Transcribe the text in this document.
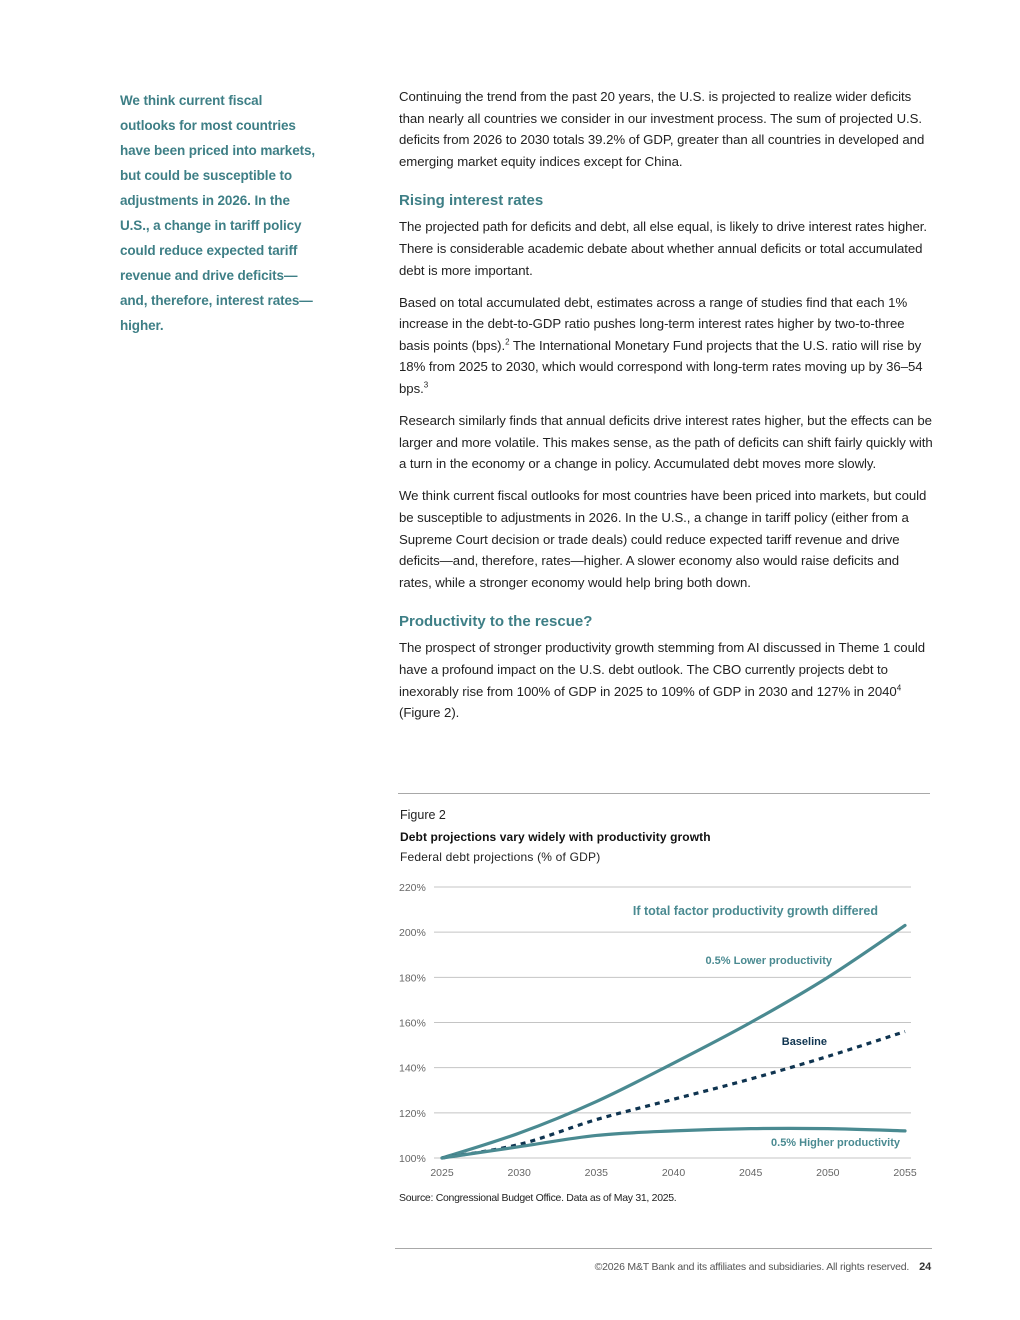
We think current fiscal outlooks for most countries have been priced into markets, but could be susceptible to adjustments in 2026. In the U.S., a change in tariff policy could reduce expected tariff revenue and drive deficits—and, therefore, interest rates—higher.

Continuing the trend from the past 20 years, the U.S. is projected to realize wider deficits than nearly all countries we consider in our investment process. The sum of projected U.S. deficits from 2026 to 2030 totals 39.2% of GDP, greater than all countries in developed and emerging market equity indices except for China.

Rising interest rates

The projected path for deficits and debt, all else equal, is likely to drive interest rates higher. There is considerable academic debate about whether annual deficits or total accumulated debt is more important.

Based on total accumulated debt, estimates across a range of studies find that each 1% increase in the debt-to-GDP ratio pushes long-term interest rates higher by two-to-three basis points (bps).$^2$ The International Monetary Fund projects that the U.S. ratio will rise by 18% from 2025 to 2030, which would correspond with long-term rates moving up by 36–54 bps.$^3$

Research similarly finds that annual deficits drive interest rates higher, but the effects can be larger and more volatile. This makes sense, as the path of deficits can shift fairly quickly with a turn in the economy or a change in policy. Accumulated debt moves more slowly.

We think current fiscal outlooks for most countries have been priced into markets, but could be susceptible to adjustments in 2026. In the U.S., a change in tariff policy (either from a Supreme Court decision or trade deals) could reduce expected tariff revenue and drive deficits—and, therefore, rates—higher. A slower economy also would raise deficits and rates, while a stronger economy would help bring both down.

Productivity to the rescue?

The prospect of stronger productivity growth stemming from AI discussed in Theme 1 could have a profound impact on the U.S. debt outlook. The CBO currently projects debt to inexorably rise from 100% of GDP in 2025 to 109% of GDP in 2030 and 127% in 2040$^4$ (Figure 2).

Figure 2
Debt projections vary widely with productivity growth
Federal debt projections (% of GDP)
100%
120%
140%
160%
180%
200%
220%
2025	2030	2035	2040	2045	2050	2055
If total factor productivity growth differed
0.5% Lower productivity
Baseline
0.5% Higher productivity
Source: Congressional Budget Office. Data as of May 31, 2025.
©2026 M&T Bank and its affiliates and subsidiaries. All rights reserved. 24
